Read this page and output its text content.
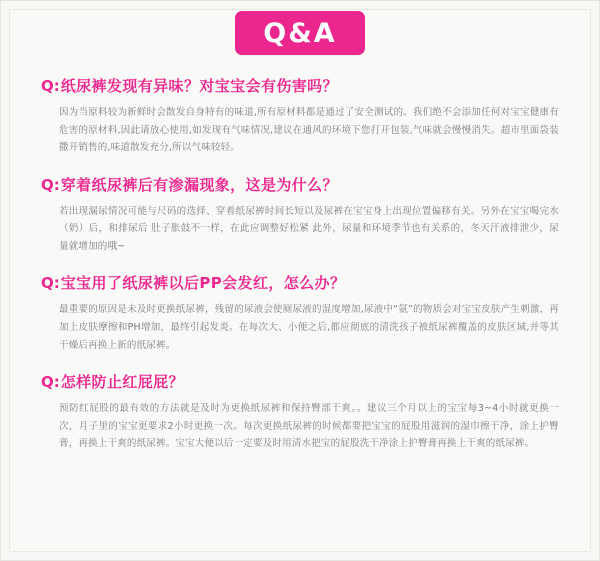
Q&A
Q: 纸尿裤发现有异味？对宝宝会有伤害吗？
因为当原料较为新鲜时会散发自身特有的味道,所有原材料都是通过了安全测试的。我们绝不会添加任何对宝宝健康有危害的原材料,因此请放心使用,如发现有气味情况,建议在通风的环境下您打开包装,气味就会慢慢消失。超市里面袋装撒开销售的,味道散发充分,所以气味较轻。
Q: 穿着纸尿裤后有渗漏现象，这是为什么？
若出现漏尿情况可能与尺码的选择、穿着纸尿裤时间长短以及尿裤在宝宝身上出现位置偏移有关。另外在宝宝喝完水（奶）后，和排尿后 肚子胀鼓不一样，在此应调整好松紧 此外，尿量和环境季节也有关系的，冬天汗液排泄少，尿量就增加的哦~
Q: 宝宝用了纸尿裤以后PP会发红，怎么办？
最重要的原因是未及时更换纸尿裤，残留的尿液会使厕尿液的湿度增加,尿液中“氨”的物质会对宝宝皮肤产生刺激，再加上皮肤摩擦和PH增加，最终引起发炎。在每次大、小便之后,都应彻底的清洗孩子被纸尿裤覆盖的皮肤区域,并等其干燥后再换上新的纸尿裤。
Q: 怎样防止红屁屁？
预防红屁股的最有效的方法就是及时为更换纸尿裤和保持臀部干爽。。建议三个月以上的宝宝每3~4小时就更换一次，月子里的宝宝更要求2小时更换一次。每次更换纸尿裤的时候都要把宝宝的屁股用滋润的湿巾擦干净，涂上护臀膏，再换上干爽的纸尿裤。宝宝大便以后一定要及时用清水把宝的屁股洗干净涂上护臀膏再换上干爽的纸尿裤。
